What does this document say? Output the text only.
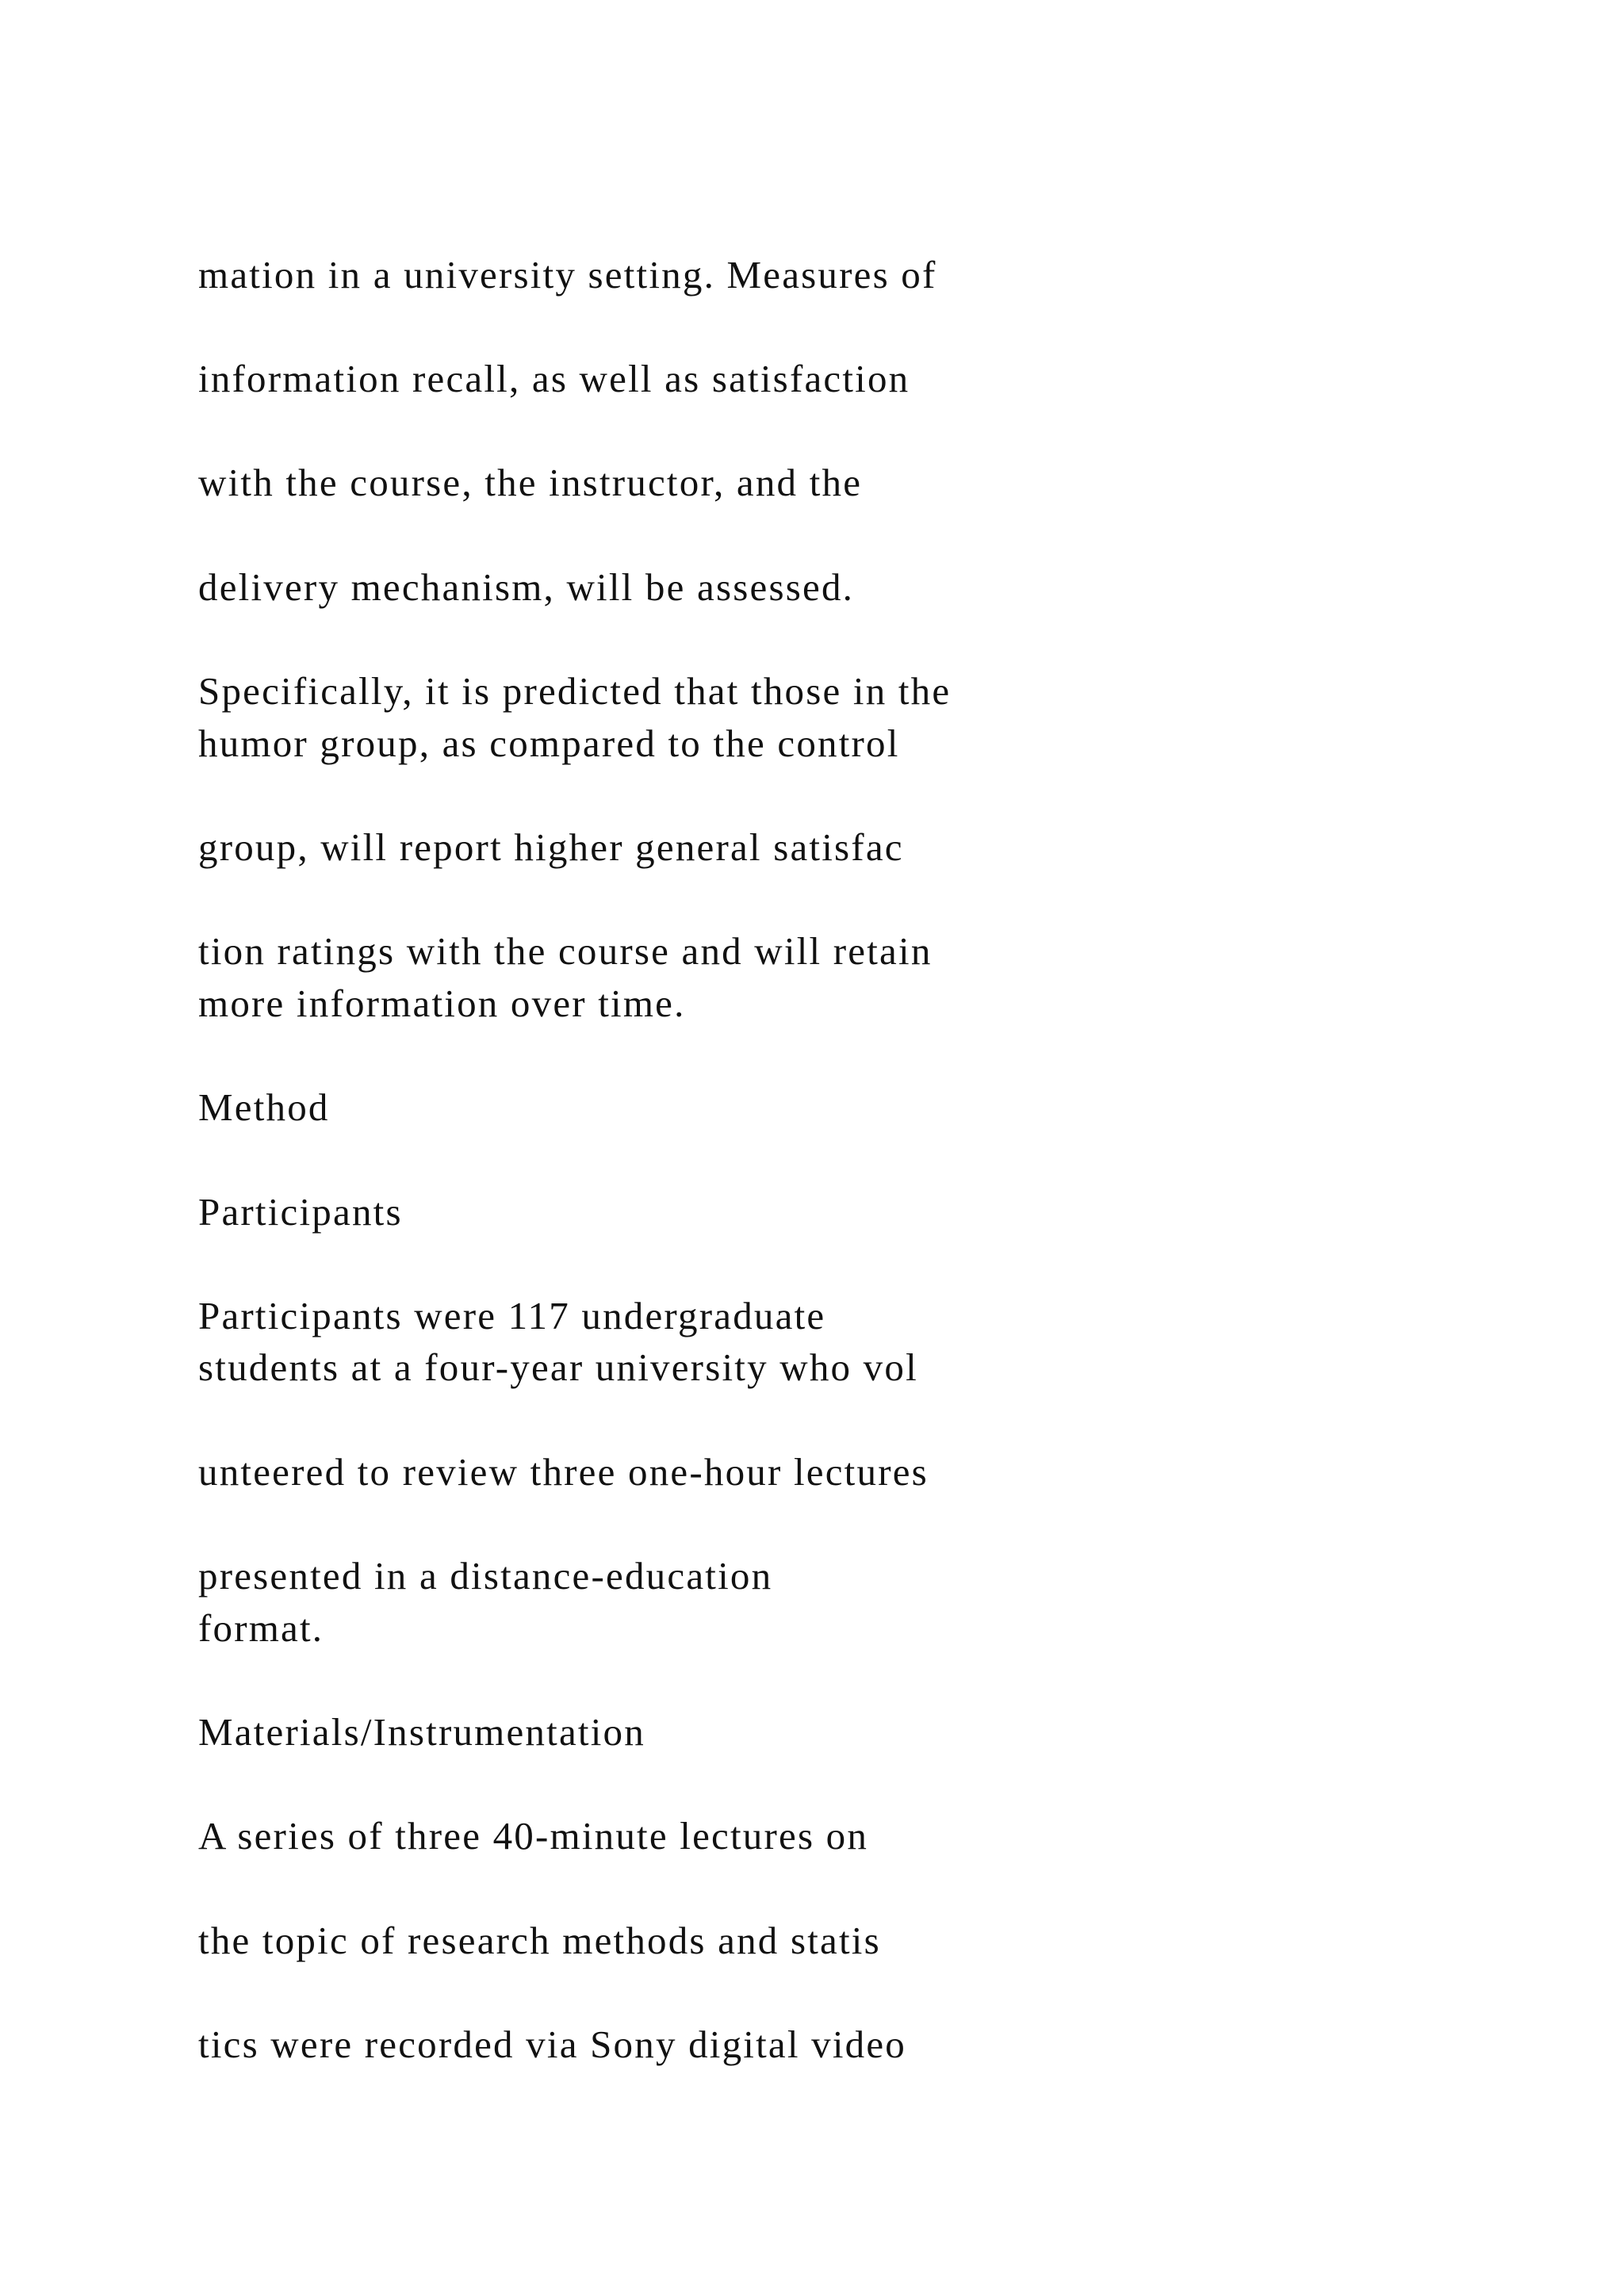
mation in a university setting. Measures of

information recall, as well as satisfaction

with the course, the instructor, and the

delivery mechanism, will be assessed.

Specifically, it is predicted that those in the

humor group, as compared to the control

group, will report higher general satisfac

tion ratings with the course and will retain

more information over time.

Method

Participants

Participants were 117 undergraduate

students at a four-year university who vol

unteered to review three one-hour lectures

presented in a distance-education

format.

Materials/Instrumentation

A series of three 40-minute lectures on

the topic of research methods and statis

tics were recorded via Sony digital video
